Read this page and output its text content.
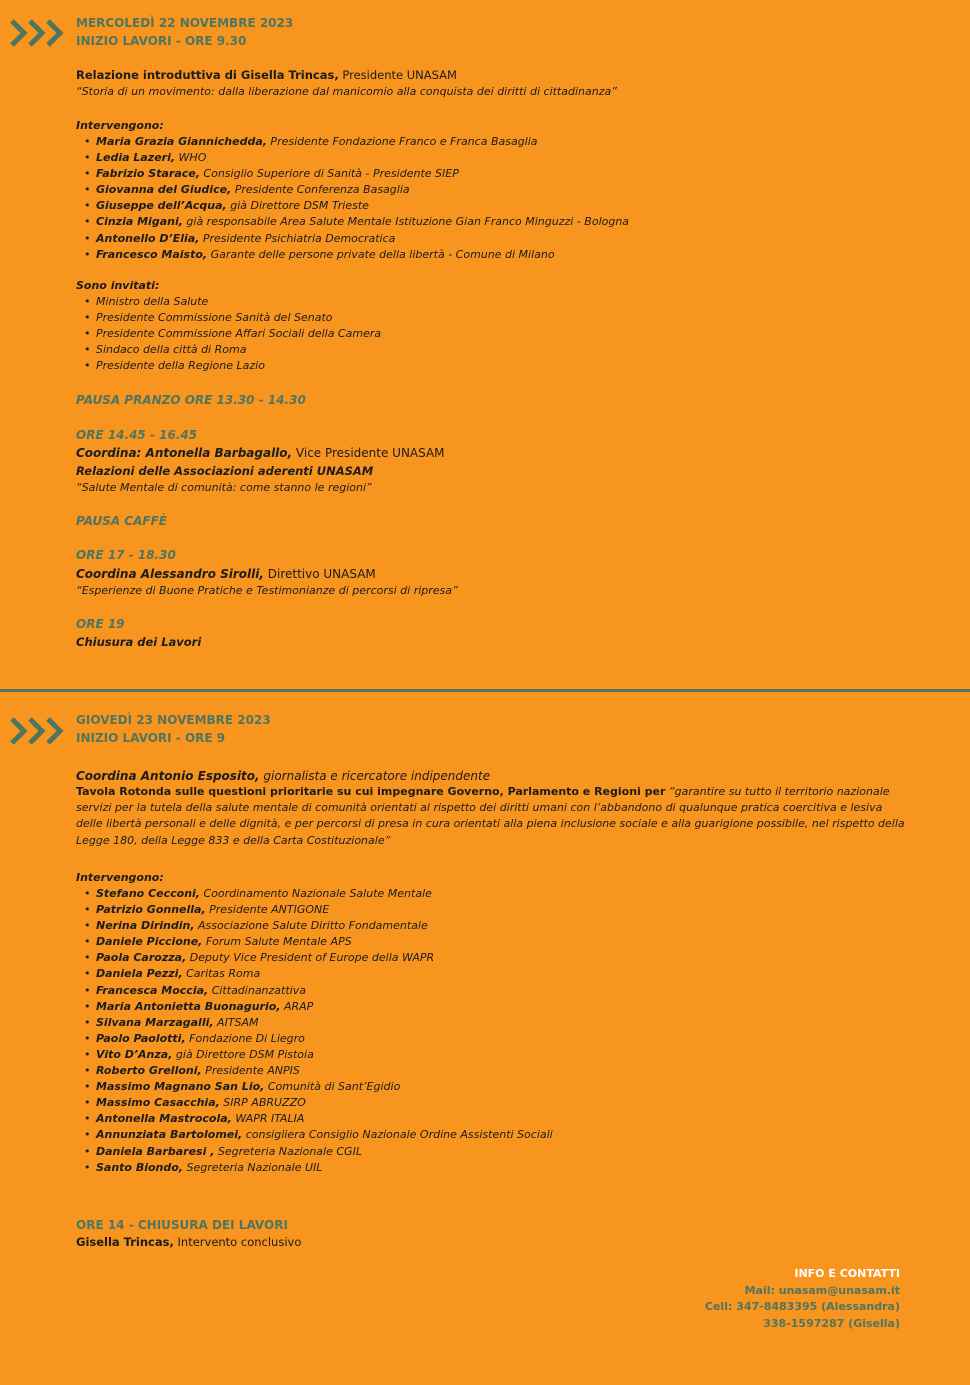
MERCOLEDÌ 22 NOVEMBRE 2023
INIZIO LAVORI - ORE 9.30
Relazione introduttiva di Gisella Trincas, Presidente UNASAM
“Storia di un movimento: dalla liberazione dal manicomio alla conquista dei diritti di cittadinanza”
Intervengono:
• Maria Grazia Giannichedda, Presidente Fondazione Franco e Franca Basaglia
• Ledia Lazeri, WHO
• Fabrizio Starace, Consiglio Superiore di Sanità - Presidente SIEP
• Giovanna del Giudice, Presidente Conferenza Basaglia
• Giuseppe dell’Acqua, già Direttore DSM Trieste
• Cinzia Migani, già responsabile Area Salute Mentale Istituzione Gian Franco Minguzzi - Bologna
• Antonello D’Elia, Presidente Psichiatria Democratica
• Francesco Maisto, Garante delle persone private della libertà - Comune di Milano
Sono invitati:
• Ministro della Salute
• Presidente Commissione Sanità del Senato
• Presidente Commissione Affari Sociali della Camera
• Sindaco della città di Roma
• Presidente della Regione Lazio
PAUSA PRANZO ORE 13.30 - 14.30
ORE 14.45 - 16.45
Coordina: Antonella Barbagallo, Vice Presidente UNASAM
Relazioni delle Associazioni aderenti UNASAM
“Salute Mentale di comunità: come stanno le regioni”
PAUSA CAFFÈ
ORE 17 - 18.30
Coordina Alessandro Sirolli, Direttivo UNASAM
“Esperienze di Buone Pratiche e Testimonianze di percorsi di ripresa”
ORE 19
Chiusura dei Lavori
GIOVEDÌ 23 NOVEMBRE 2023
INIZIO LAVORI - ORE 9
Coordina Antonio Esposito, giornalista e ricercatore indipendente
Tavola Rotonda sulle questioni prioritarie su cui impegnare Governo, Parlamento e Regioni per “garantire su tutto il territorio nazionale servizi per la tutela della salute mentale di comunità orientati al rispetto dei diritti umani con l’abbandono di qualunque pratica coercitiva e lesiva delle libertà personali e delle dignità, e per percorsi di presa in cura orientati alla piena inclusione sociale e alla guarigione possibile, nel rispetto della Legge 180, della Legge 833 e della Carta Costituzionale”
Intervengono:
• Stefano Cecconi, Coordinamento Nazionale Salute Mentale
• Patrizio Gonnella, Presidente ANTIGONE
• Nerina Dirindin, Associazione Salute Diritto Fondamentale
• Daniele Piccione, Forum Salute Mentale APS
• Paola Carozza, Deputy Vice President of Europe della WAPR
• Daniela Pezzi, Caritas Roma
• Francesca Moccia, Cittadinanzattiva
• Maria Antonietta Buonagurio, ARAP
• Silvana Marzagalli, AITSAM
• Paolo Paolotti, Fondazione Di Liegro
• Vito D’Anza, già Direttore DSM Pistoia
• Roberto Grelloni, Presidente ANPIS
• Massimo Magnano San Lio, Comunità di Sant’Egidio
• Massimo Casacchia, SIRP ABRUZZO
• Antonella Mastrocola, WAPR ITALIA
• Annunziata Bartolomei, consigliera Consiglio Nazionale Ordine Assistenti Sociali
• Daniela Barbaresi , Segreteria Nazionale CGIL
• Santo Biondo, Segreteria Nazionale UIL
ORE 14 - CHIUSURA DEI LAVORI
Gisella Trincas, Intervento conclusivo
INFO E CONTATTI
Mail: unasam@unasam.it
Cell: 347-8483395 (Alessandra)
338-1597287 (Gisella)
